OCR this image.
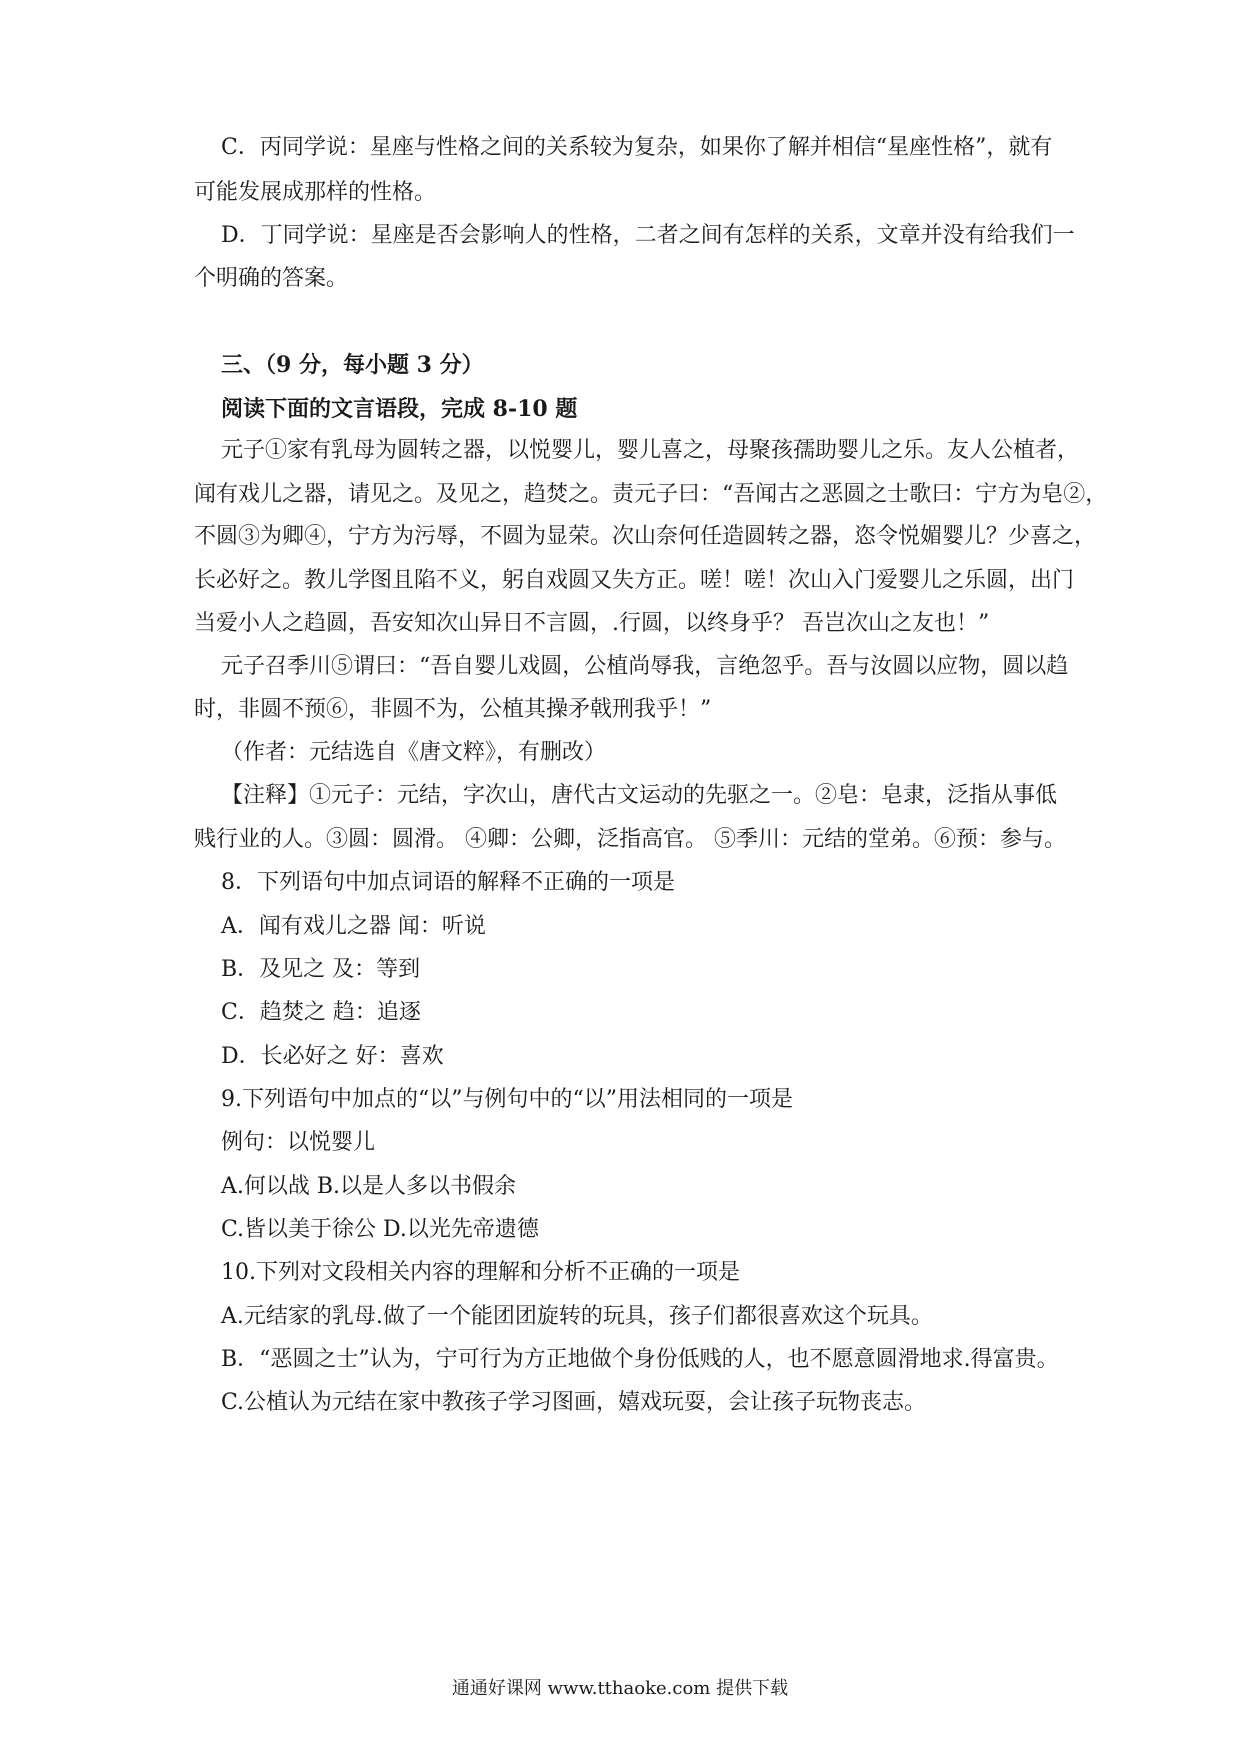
C．丙同学说：星座与性格之间的关系较为复杂，如果你了解并相信“星座性格”，就有
可能发展成那样的性格。
D．丁同学说：星座是否会影响人的性格，二者之间有怎样的关系，文章并没有给我们一
个明确的答案。
三、（9 分，每小题 3 分）
阅读下面的文言语段，完成 8-10 题
元子①家有乳母为圆转之器，以悦婴儿，婴儿喜之，母聚孩孺助婴儿之乐。友人公植者，
闻有戏儿之器，请见之。及见之，趋焚之。责元子曰：“吾闻古之恶圆之士歌曰：宁方为皂②，
不圆③为卿④，宁方为污辱，不圆为显荣。次山奈何任造圆转之器，恣令悦媚婴儿？少喜之，
长必好之。教儿学图且陷不义，躬自戏圆又失方正。嗟！嗟！次山入门爱婴儿之乐圆，出门
当爱小人之趋圆，吾安知次山异日不言圆，.行圆，以终身乎？ 吾岂次山之友也！”
元子召季川⑤谓曰：“吾自婴儿戏圆，公植尚辱我，言绝忽乎。吾与汝圆以应物，圆以趋
时，非圆不预⑥，非圆不为，公植其操矛戟刑我乎！”
（作者：元结选自《唐文粹》，有删改）
【注释】①元子：元结，字次山，唐代古文运动的先驱之一。②皂：皂隶，泛指从事低
贱行业的人。③圆：圆滑。 ④卿：公卿，泛指高官。 ⑤季川：元结的堂弟。⑥预：参与。
8．下列语句中加点词语的解释不正确的一项是
A．闻有戏儿之器 闻：听说
B．及见之 及：等到
C．趋焚之 趋：追逐
D．长必好之 好：喜欢
9.下列语句中加点的“以”与例句中的“以”用法相同的一项是
例句：以悦婴儿
A.何以战 B.以是人多以书假余
C.皆以美于徐公 D.以光先帝遗德
10.下列对文段相关内容的理解和分析不正确的一项是
A.元结家的乳母.做了一个能团团旋转的玩具，孩子们都很喜欢这个玩具。
B．“恶圆之士”认为，宁可行为方正地做个身份低贱的人，也不愿意圆滑地求.得富贵。
C.公植认为元结在家中教孩子学习图画，嬉戏玩耍，会让孩子玩物丧志。
通通好课网 www.tthaoke.com 提供下载
